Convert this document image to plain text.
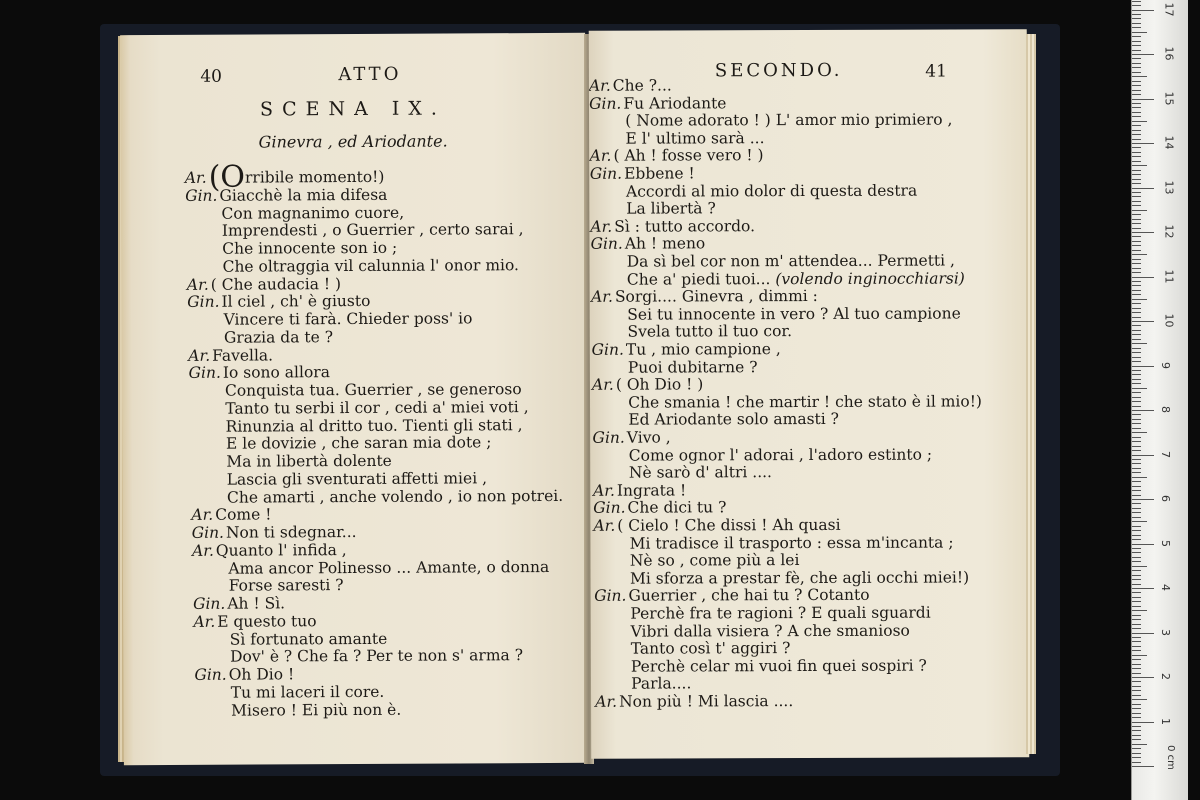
40	ATTO
SCENA IX.
Ginevra , ed Ariodante.
Ar.(Orribile momento!)
Gin. Giacchè la mia difesa
Con magnanimo cuore,
Imprendesti , o Guerrier , certo sarai ,
Che innocente son io ;
Che oltraggia vil calunnia l' onor mio.
Ar. ( Che audacia ! )
Gin. Il ciel , ch' è giusto
Vincere ti farà. Chieder poss' io
Grazia da te ?
Ar. Favella.
Gin. Io sono allora
Conquista tua. Guerrier , se generoso
Tanto tu serbi il cor , cedi a' miei voti ,
Rinunzia al dritto tuo. Tienti gli stati ,
E le dovizie , che saran mia dote ;
Ma in libertà dolente
Lascia gli sventurati affetti miei ,
Che amarti , anche volendo , io non potrei.
Ar. Come !
Gin. Non ti sdegnar...
Ar. Quanto l' infida ,
Ama ancor Polinesso ... Amante, o donna
Forse saresti ?
Gin. Ah ! Sì.
Ar. E questo tuo
Sì fortunato amante
Dov' è ? Che fa ? Per te non s' arma ?
Gin. Oh Dio !
Tu mi laceri il core.
Misero ! Ei più non è.
SECONDO.	41
Ar. Che ?...
Gin. Fu Ariodante
( Nome adorato ! ) L' amor mio primiero ,
E l' ultimo sarà ...
Ar. ( Ah ! fosse vero ! )
Gin. Ebbene !
Accordi al mio dolor di questa destra
La libertà ?
Ar. Sì : tutto accordo.
Gin. Ah ! meno
Da sì bel cor non m' attendea... Permetti ,
Che a' piedi tuoi... (volendo inginocchiarsi)
Ar. Sorgi.... Ginevra , dimmi :
Sei tu innocente in vero ? Al tuo campione
Svela tutto il tuo cor.
Gin. Tu , mio campione ,
Puoi dubitarne ?
Ar. ( Oh Dio ! )
Che smania ! che martir ! che stato è il mio!)
Ed Ariodante solo amasti ?
Gin. Vivo ,
Come ognor l' adorai , l'adoro estinto ;
Nè sarò d' altri ....
Ar. Ingrata !
Gin. Che dici tu ?
Ar. ( Cielo ! Che dissi ! Ah quasi
Mi tradisce il trasporto : essa m'incanta ;
Nè so , come più a lei
Mi sforza a prestar fè, che agli occhi miei!)
Gin. Guerrier , che hai tu ? Cotanto
Perchè fra te ragioni ? E quali sguardi
Vibri dalla visiera ? A che smanioso
Tanto così t' aggiri ?
Perchè celar mi vuoi fin quei sospiri ?
Parla....
Ar. Non più ! Mi lascia ....
0 cm
1
2
3
4
5
6
7
8
9
10
11
12
13
14
15
16
17
